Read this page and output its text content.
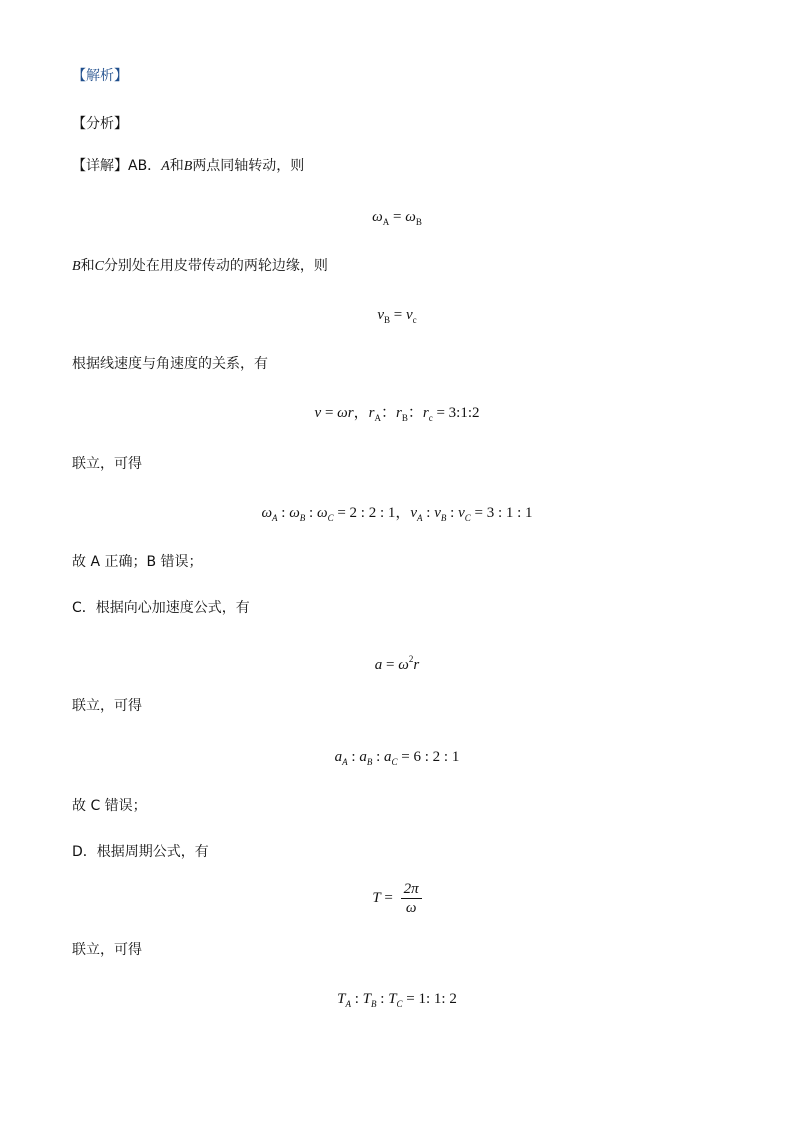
【解析】
【分析】
【详解】AB．A和B两点同轴转动，则
$\omega_A = \omega_B$
B和C分别处在用皮带传动的两轮边缘，则
$v_B = v_c$
根据线速度与角速度的关系，有
v = ωr，$r_A$：$r_B$：$r_c$ = 3:1:2
联立，可得
$\omega_A$ : $\omega_B$ : $\omega_C = 2$ : 2 : 1，$v_A$ : $v_B$ : $v_C = 3$ : 1 : 1
故 A 正确；B 错误；
C．根据向心加速度公式，有
$a = \omega^2r$
联立，可得
$a_A$ : $a_B$ : $a_C = 6$ : 2 : 1
故 C 错误；
D．根据周期公式，有
$T = \frac{2\pi}{\omega}$
联立，可得
$T_A$ : $T_B$ : $T_C = 1$: 1: 2
